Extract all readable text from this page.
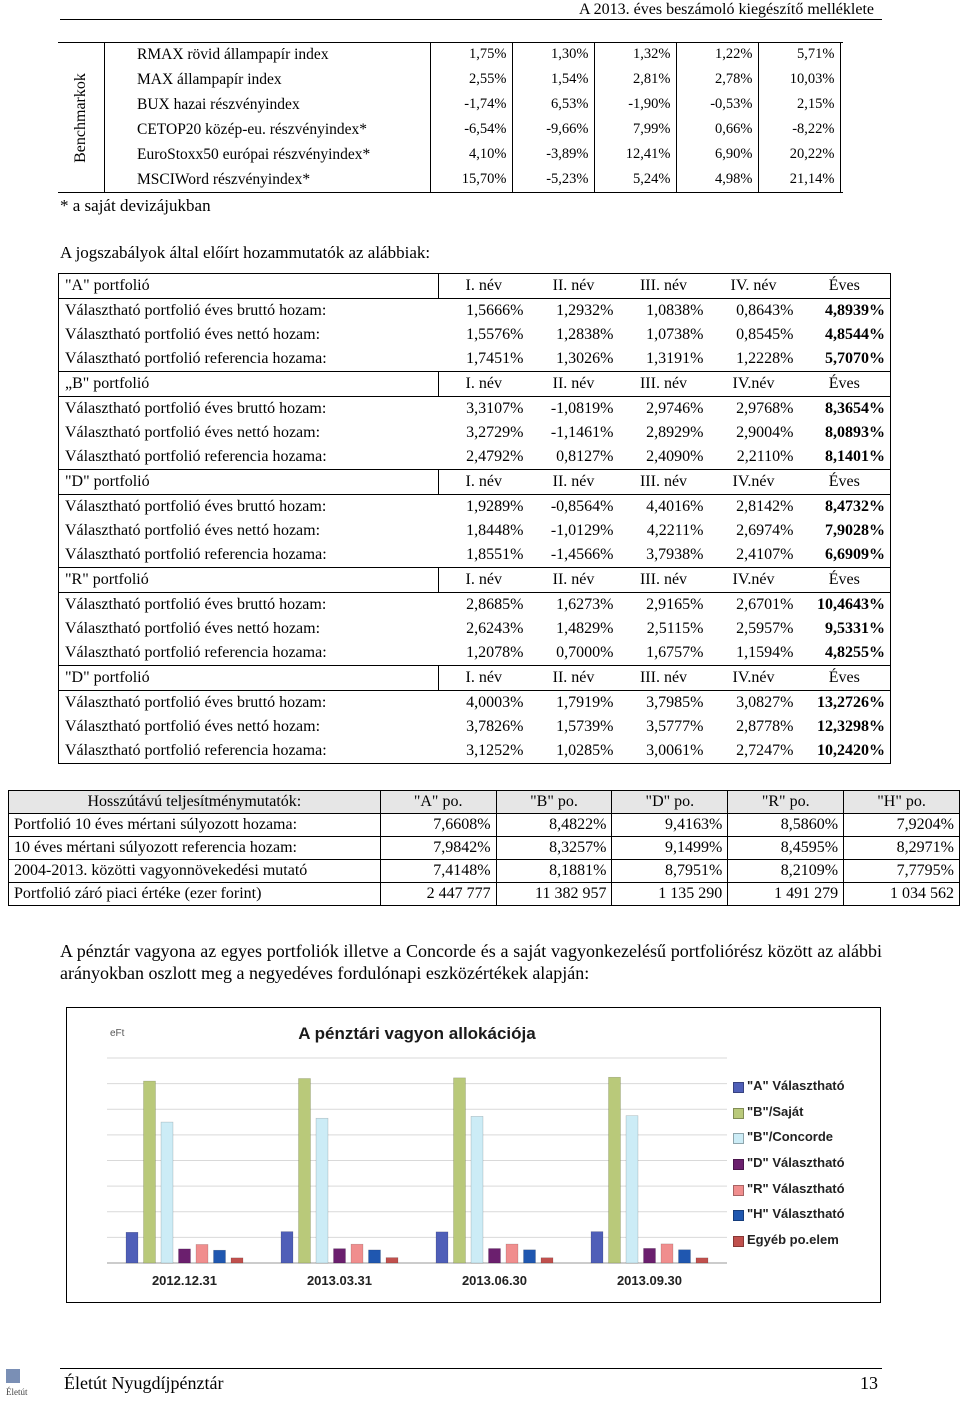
A 2013. éves beszámoló kiegészítő melléklete
Benchmarkok
RMAX rövid állampapír index	1,75%	1,30%	1,32%	1,22%	5,71%
MAX állampapír index	2,55%	1,54%	2,81%	2,78%	10,03%
BUX hazai részvényindex	-1,74%	6,53%	-1,90%	-0,53%	2,15%
CETOP20 közép-eu. részvényindex*	-6,54%	-9,66%	7,99%	0,66%	-8,22%
EuroStoxx50 európai részvényindex*	4,10%	-3,89%	12,41%	6,90%	20,22%
MSCIWord részvényindex*	15,70%	-5,23%	5,24%	4,98%	21,14%
* a saját devizájukban
A jogszabályok által előírt hozammutatók az alábbiak:
"A" portfolió	I. név	II. név	III. név	IV. név	Éves
Választható portfolió éves bruttó hozam:	1,5666%	1,2932%	1,0838%	0,8643%	4,8939%
Választható portfolió éves nettó hozam:	1,5576%	1,2838%	1,0738%	0,8545%	4,8544%
Választható portfolió referencia hozama:	1,7451%	1,3026%	1,3191%	1,2228%	5,7070%
„B" portfolió	I. név	II. név	III. név	IV.név	Éves
Választható portfolió éves bruttó hozam:	3,3107%	-1,0819%	2,9746%	2,9768%	8,3654%
Választható portfolió éves nettó hozam:	3,2729%	-1,1461%	2,8929%	2,9004%	8,0893%
Választható portfolió referencia hozama:	2,4792%	0,8127%	2,4090%	2,2110%	8,1401%
"D" portfolió	I. név	II. név	III. név	IV.név	Éves
Választható portfolió éves bruttó hozam:	1,9289%	-0,8564%	4,4016%	2,8142%	8,4732%
Választható portfolió éves nettó hozam:	1,8448%	-1,0129%	4,2211%	2,6974%	7,9028%
Választható portfolió referencia hozama:	1,8551%	-1,4566%	3,7938%	2,4107%	6,6909%
"R" portfolió	I. név	II. név	III. név	IV.név	Éves
Választható portfolió éves bruttó hozam:	2,8685%	1,6273%	2,9165%	2,6701%	10,4643%
Választható portfolió éves nettó hozam:	2,6243%	1,4829%	2,5115%	2,5957%	9,5331%
Választható portfolió referencia hozama:	1,2078%	0,7000%	1,6757%	1,1594%	4,8255%
"D" portfolió	I. név	II. név	III. név	IV.név	Éves
Választható portfolió éves bruttó hozam:	4,0003%	1,7919%	3,7985%	3,0827%	13,2726%
Választható portfolió éves nettó hozam:	3,7826%	1,5739%	3,5777%	2,8778%	12,3298%
Választható portfolió referencia hozama:	3,1252%	1,0285%	3,0061%	2,7247%	10,2420%
Hosszútávú teljesítménymutatók:	"A" po.	"B" po.	"D" po.	"R" po.	"H" po.
Portfolió 10 éves mértani súlyozott hozama:	7,6608%	8,4822%	9,4163%	8,5860%	7,9204%
10 éves mértani súlyozott referencia hozam:	7,9842%	8,3257%	9,1499%	8,4595%	8,2971%
2004-2013. közötti vagyonnövekedési mutató	7,4148%	8,1881%	8,7951%	8,2109%	7,7795%
Portfolió záró piaci értéke (ezer forint)	2 447 777	11 382 957	1 135 290	1 491 279	1 034 562
A pénztár vagyona az egyes portfoliók illetve a Concorde és a saját vagyonkezelésű portfoliórész között az alábbi arányokban oszlott meg a negyedéves fordulónapi eszközértékek alapján:
A pénztári vagyon allokációja
eFt
2012.12.31	2013.03.31	2013.06.30	2013.09.30
"A" Választható
"B"/Saját
"B"/Concorde
"D" Választható
"R" Választható
"H" Választható
Egyéb po.elem
Életút Életút Nyugdíjpénztár	13
